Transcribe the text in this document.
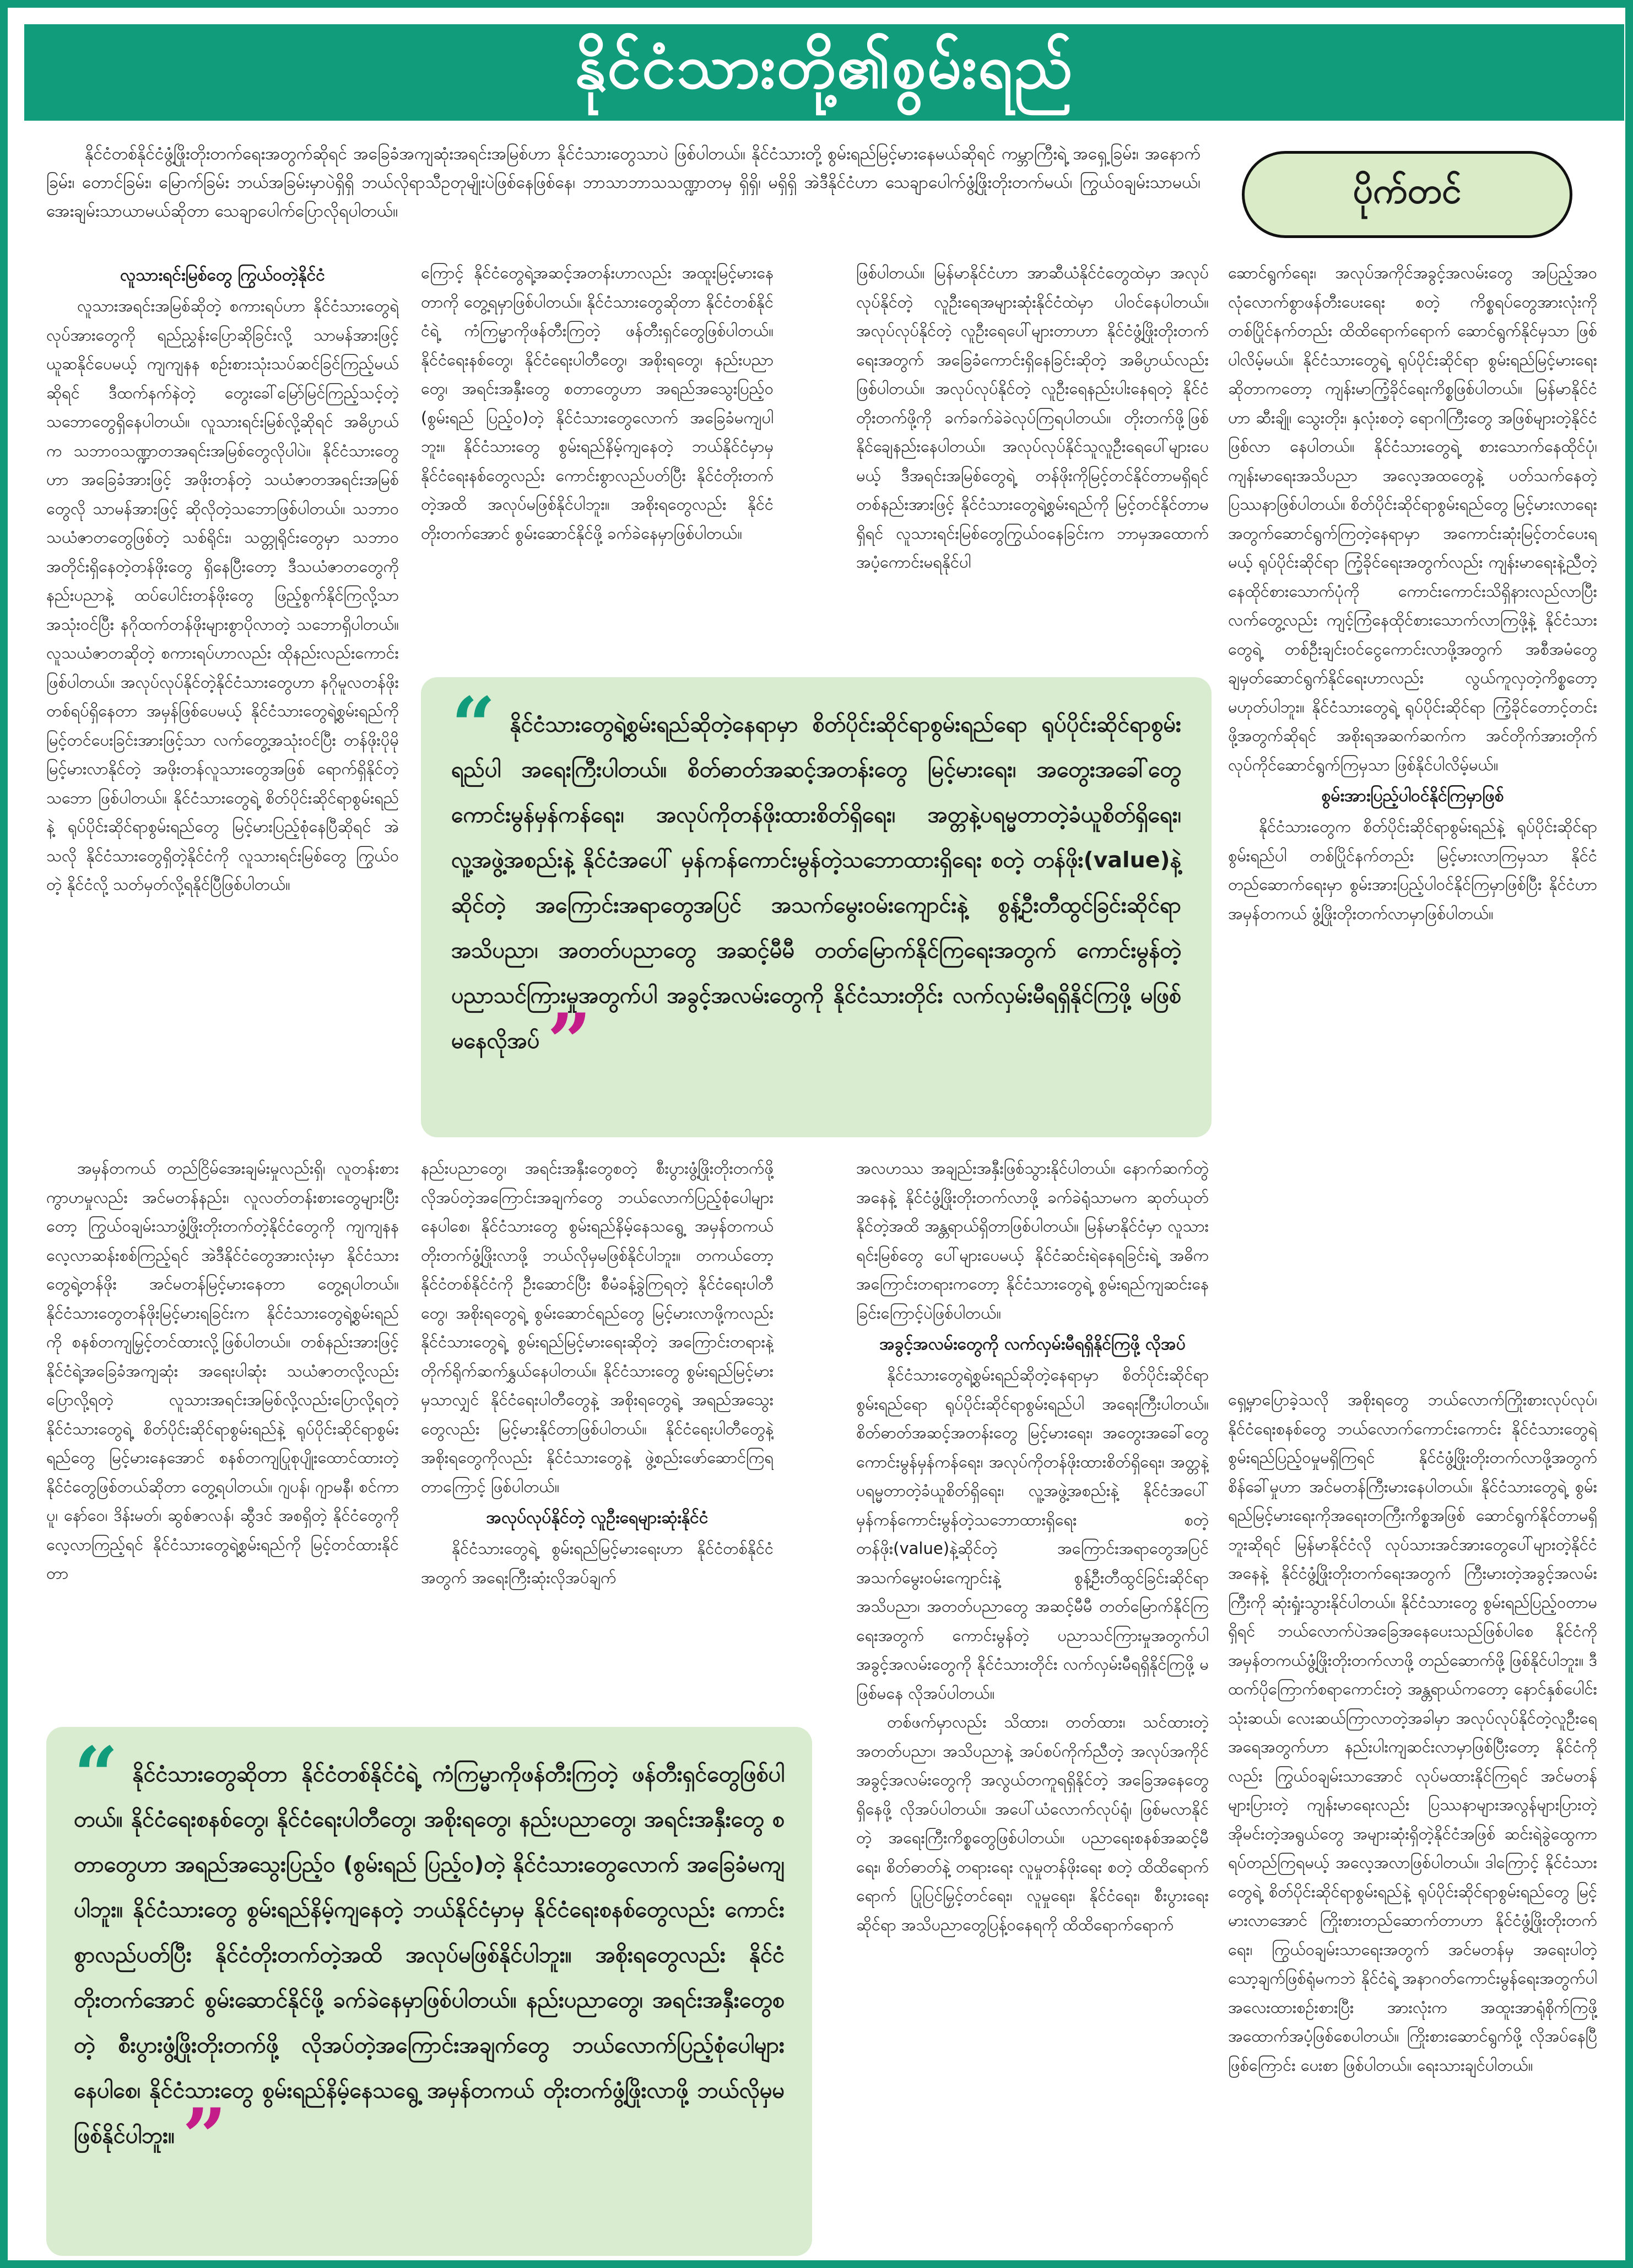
နိုင်ငံသားတို့၏စွမ်းရည်

နိုင်ငံတစ်နိုင်ငံဖွံ့ဖြိုးတိုးတက်ရေးအတွက်ဆိုရင် အခြေခံအကျဆုံးအရင်းအမြစ်ဟာ နိုင်ငံသားတွေသာပဲ ဖြစ်ပါတယ်။ နိုင်ငံသားတို့ စွမ်းရည်မြင့်မားနေမယ်ဆိုရင် ကမ္ဘာကြီးရဲ့ အရှေ့ခြမ်း၊ အနောက်ခြမ်း၊ တောင်ခြမ်း၊ မြောက်ခြမ်း ဘယ်အခြမ်းမှာပဲရှိရှိ ဘယ်လိုရာသီဥတုမျိုးပဲဖြစ်နေဖြစ်နေ၊ ဘာသာဘာသသဏ္ဍာတမှ ရှိရှိ၊ မရှိရှိ အဲဒီနိုင်ငံဟာ သေချာပေါက်ဖွံ့ဖြိုးတိုးတက်မယ်၊ ကြွယ်ဝချမ်းသာမယ်၊ အေးချမ်းသာယာမယ်ဆိုတာ သေချာပေါက်ပြောလိုရပါတယ်။	ပိုက်တင်
လူသားရင်းမြစ်တွေ ကြွယ်ဝတဲ့နိုင်ငံ

လူသားအရင်းအမြစ်ဆိုတဲ့ စကားရပ်ဟာ နိုင်ငံသားတွေရဲ့လုပ်အားတွေကို ရည်ညွှန်းပြောဆိုခြင်းလို့ သာမန်အားဖြင့် ယူဆနိုင်ပေမယ့် ကျကျနန စဉ်းစားသုံးသပ်ဆင်ခြင်ကြည့်မယ်ဆိုရင် ဒီထက်နက်နဲတဲ့ တွေးခေါ်မြော်မြင်ကြည့်သင့်တဲ့ သဘောတွေရှိနေပါတယ်။ လူသားရင်းမြစ်လို့ဆိုရင် အဓိပ္ပာယ်က သဘာဝသဏ္ဍာတအရင်းအမြစ်တွေလိုပါပဲ။ နိုင်ငံသားတွေဟာ အခြေခံအားဖြင့် အဖိုးတန်တဲ့ သယံဇာတအရင်းအမြစ်တွေလို သာမန်အားဖြင့် ဆိုလိုတဲ့သဘောဖြစ်ပါတယ်။ သဘာဝသယံဇာတတွေဖြစ်တဲ့ သစ်ရိုင်း၊ သတ္တုရိုင်းတွေမှာ သဘာဝအတိုင်းရှိနေတဲ့တန်ဖိုးတွေ ရှိနေပြီးတော့ ဒီသယံဇာတတွေကို နည်းပညာနဲ့ ထပ်ပေါင်းတန်ဖိုးတွေ ဖြည့်စွက်နိုင်ကြလို့သာ အသုံးဝင်ပြီး နဂိုထက်တန်ဖိုးများစွာပိုလာတဲ့ သဘောရှိပါတယ်။ လူသယံဇာတဆိုတဲ့ စကားရပ်ဟာလည်း ထိုနည်းလည်းကောင်းဖြစ်ပါတယ်။ အလုပ်လုပ်နိုင်တဲ့နိုင်ငံသားတွေဟာ နဂိုမူလတန်ဖိုးတစ်ရပ်ရှိနေတာ အမှန်ဖြစ်ပေမယ့် နိုင်ငံသားတွေရဲ့စွမ်းရည်ကို မြင့်တင်ပေးခြင်းအားဖြင့်သာ လက်တွေ့အသုံးဝင်ပြီး တန်ဖိုးပိုမိုမြင့်မားလာနိုင်တဲ့ အဖိုးတန်လူသားတွေအဖြစ် ရောက်ရှိနိုင်တဲ့သဘော ဖြစ်ပါတယ်။ နိုင်ငံသားတွေရဲ့ စိတ်ပိုင်းဆိုင်ရာစွမ်းရည်နဲ့ ရုပ်ပိုင်းဆိုင်ရာစွမ်းရည်တွေ မြင့်မားပြည့်စုံနေပြီဆိုရင် အဲသလို နိုင်ငံသားတွေရှိတဲ့နိုင်ငံကို လူသားရင်းမြစ်တွေ ကြွယ်ဝတဲ့ နိုင်ငံလို့ သတ်မှတ်လို့ရနိုင်ပြီဖြစ်ပါတယ်။

ကြောင့် နိုင်ငံတွေရဲ့အဆင့်အတန်းဟာလည်း အထူးမြင့်မားနေတာကို တွေ့ရမှာဖြစ်ပါတယ်။ နိုင်ငံသားတွေဆိုတာ နိုင်ငံတစ်နိုင်ငံရဲ့ ကံကြမ္မာကိုဖန်တီးကြတဲ့ ဖန်တီးရှင်တွေဖြစ်ပါတယ်။ နိုင်ငံရေးနစ်တွေ၊ နိုင်ငံရေးပါတီတွေ၊ အစိုးရတွေ၊ နည်းပညာတွေ၊ အရင်းအနှီးတွေ စတာတွေဟာ အရည်အသွေးပြည့်ဝ (စွမ်းရည် ပြည့်ဝ)တဲ့ နိုင်ငံသားတွေလောက် အခြေခံမကျပါဘူး။ နိုင်ငံသားတွေ စွမ်းရည်နိမ့်ကျနေတဲ့ ဘယ်နိုင်ငံမှာမှ နိုင်ငံရေးနစ်တွေလည်း ကောင်းစွာလည်ပတ်ပြီး နိုင်ငံတိုးတက်တဲ့အထိ အလုပ်မဖြစ်နိုင်ပါဘူး။ အစိုးရတွေလည်း နိုင်ငံတိုးတက်အောင် စွမ်းဆောင်နိုင်ဖို့ ခက်ခဲနေမှာဖြစ်ပါတယ်။

ဖြစ်ပါတယ်။ မြန်မာနိုင်ငံဟာ အာဆီယံနိုင်ငံတွေထဲမှာ အလုပ်လုပ်နိုင်တဲ့ လူဦးရေအများဆုံးနိုင်ငံထဲမှာ ပါဝင်နေပါတယ်။ အလုပ်လုပ်နိုင်တဲ့ လူဦးရေပေါ်များတာဟာ နိုင်ငံဖွံ့ဖြိုးတိုးတက်ရေးအတွက် အခြေခံကောင်းရှိနေခြင်းဆိုတဲ့ အဓိပ္ပာယ်လည်းဖြစ်ပါတယ်။ အလုပ်လုပ်နိုင်တဲ့ လူဦးရေနည်းပါးနေရတဲ့ နိုင်ငံတိုးတက်ဖို့ကို ခက်ခက်ခဲခဲလုပ်ကြရပါတယ်။ တိုးတက်ဖို့ဖြစ်နိုင်ချေနည်းနေပါတယ်။ အလုပ်လုပ်နိုင်သူလူဦးရေပေါ်များပေမယ့် ဒီအရင်းအမြစ်တွေရဲ့ တန်ဖိုးကိုမြင့်တင်နိုင်တာမရှိရင် တစ်နည်းအားဖြင့် နိုင်ငံသားတွေရဲ့စွမ်းရည်ကို မြင့်တင်နိုင်တာမရှိရင် လူသားရင်းမြစ်တွေကြွယ်ဝနေခြင်းက ဘာမှအထောက်အပံ့ကောင်းမရနိုင်ပါ

ဆောင်ရွက်ရေး၊ အလုပ်အကိုင်အခွင့်အလမ်းတွေ အပြည့်အဝ လုံလောက်စွာဖန်တီးပေးရေး စတဲ့ ကိစ္စရပ်တွေအားလုံးကို တစ်ပြိုင်နက်တည်း ထိထိရောက်ရောက် ဆောင်ရွက်နိုင်မှသာ ဖြစ်ပါလိမ့်မယ်။ နိုင်ငံသားတွေရဲ့ ရုပ်ပိုင်းဆိုင်ရာ စွမ်းရည်မြင့်မားရေးဆိုတာကတော့ ကျန်းမာကြံ့ခိုင်ရေးကိစ္စဖြစ်ပါတယ်။ မြန်မာနိုင်ငံဟာ ဆီးချို၊ သွေးတိုး၊ နှလုံးစတဲ့ ရောဂါကြီးတွေ အဖြစ်များတဲ့နိုင်ငံ ဖြစ်လာ နေပါတယ်။ နိုင်ငံသားတွေရဲ့ စားသောက်နေထိုင်ပုံ၊ ကျန်းမာရေးအသိပညာ အလေ့အထတွေနဲ့ ပတ်သက်နေတဲ့ ပြဿနာဖြစ်ပါတယ်။ စိတ်ပိုင်းဆိုင်ရာစွမ်းရည်တွေ မြင့်မားလာရေးအတွက်ဆောင်ရွက်ကြတဲ့နေရာမှာ အကောင်းဆုံးမြင့်တင်ပေးရမယ့် ရုပ်ပိုင်းဆိုင်ရာ ကြံ့ခိုင်ရေးအတွက်လည်း ကျန်းမာရေးနဲ့ညီတဲ့ နေထိုင်စားသောက်ပုံကို ကောင်းကောင်းသိရှိနားလည်လာပြီး လက်တွေ့လည်း ကျင့်ကြံနေထိုင်စားသောက်လာကြဖို့နဲ့ နိုင်ငံသားတွေရဲ့ တစ်ဦးချင်းဝင်ငွေကောင်းလာဖို့အတွက် အစီအမံတွေ ချမှတ်ဆောင်ရွက်နိုင်ရေးဟာလည်း လွယ်ကူလှတဲ့ကိစ္စတော့မဟုတ်ပါဘူး။ နိုင်ငံသားတွေရဲ့ ရုပ်ပိုင်းဆိုင်ရာ ကြံ့ခိုင်တောင့်တင်းဖို့အတွက်ဆိုရင် အစိုးရအဆက်ဆက်က အင်တိုက်အားတိုက် လုပ်ကိုင်ဆောင်ရွက်ကြမှသာ ဖြစ်နိုင်ပါလိမ့်မယ်။

စွမ်းအားပြည့်ပါဝင်နိုင်ကြမှာဖြစ်

နိုင်ငံသားတွေက စိတ်ပိုင်းဆိုင်ရာစွမ်းရည်နဲ့ ရုပ်ပိုင်းဆိုင်ရာစွမ်းရည်ပါ တစ်ပြိုင်နက်တည်း မြင့်မားလာကြမှသာ နိုင်ငံတည်ဆောက်ရေးမှာ စွမ်းအားပြည့်ပါဝင်နိုင်ကြမှာဖြစ်ပြီး နိုင်ငံဟာ အမှန်တကယ် ဖွံ့ဖြိုးတိုးတက်လာမှာဖြစ်ပါတယ်။

“ နိုင်ငံသားတွေရဲ့စွမ်းရည်ဆိုတဲ့နေရာမှာ စိတ်ပိုင်းဆိုင်ရာစွမ်းရည်ရော ရုပ်ပိုင်းဆိုင်ရာစွမ်းရည်ပါ အရေးကြီးပါတယ်။ စိတ်ဓာတ်အဆင့်အတန်းတွေ မြင့်မားရေး၊ အတွေးအခေါ်တွေ ကောင်းမွန်မှန်ကန်ရေး၊ အလုပ်ကိုတန်ဖိုးထားစိတ်ရှိရေး၊ အတ္တနဲ့ပရမ္မတာတဲ့ခံယူစိတ်ရှိရေး၊ လူ့အဖွဲ့အစည်းနဲ့ နိုင်ငံအပေါ် မှန်ကန်ကောင်းမွန်တဲ့သဘောထားရှိရေး စတဲ့ တန်ဖိုး(value)နဲ့ဆိုင်တဲ့ အကြောင်းအရာတွေအပြင် အသက်မွေးဝမ်းကျောင်းနဲ့ စွန့်ဦးတီထွင်ခြင်းဆိုင်ရာ အသိပညာ၊ အတတ်ပညာတွေ အဆင့်မီမီ တတ်မြောက်နိုင်ကြရေးအတွက် ကောင်းမွန်တဲ့ ပညာသင်ကြားမှုအတွက်ပါ အခွင့်အလမ်းတွေကို နိုင်ငံသားတိုင်း လက်လှမ်းမီရရှိနိုင်ကြဖို့ မဖြစ်မနေလိုအပ် ”

အမှန်တကယ် တည်ငြိမ်အေးချမ်းမှုလည်းရှိ၊ လူတန်းစားကွာဟမှုလည်း အင်မတန်နည်း၊ လူလတ်တန်းစားတွေများပြီးတော့ ကြွယ်ဝချမ်းသာဖွံ့ဖြိုးတိုးတက်တဲ့နိုင်ငံတွေကို ကျကျနနလေ့လာဆန်းစစ်ကြည့်ရင် အဲဒီနိုင်ငံတွေအားလုံးမှာ နိုင်ငံသားတွေရဲ့တန်ဖိုး အင်မတန်မြင့်မားနေတာ တွေ့ရပါတယ်။ နိုင်ငံသားတွေတန်ဖိုးမြင့်မားရခြင်းက နိုင်ငံသားတွေရဲ့စွမ်းရည်ကို စနစ်တကျမြှင့်တင်ထားလို့ဖြစ်ပါတယ်။ တစ်နည်းအားဖြင့် နိုင်ငံရဲ့အခြေခံအကျဆုံး အရေးပါဆုံး သယံဇာတလို့လည်း ပြောလို့ရတဲ့ လူသားအရင်းအမြစ်လို့လည်းပြောလို့ရတဲ့ နိုင်ငံသားတွေရဲ့ စိတ်ပိုင်းဆိုင်ရာစွမ်းရည်နဲ့ ရုပ်ပိုင်းဆိုင်ရာစွမ်းရည်တွေ မြင့်မားနေအောင် စနစ်တကျပြုစုပျိုးထောင်ထားတဲ့ နိုင်ငံတွေဖြစ်တယ်ဆိုတာ တွေ့ရပါတယ်။ ဂျပန်၊ ဂျာမနီ၊ စင်ကာပူ၊ နော်ဝေ၊ ဒိန်းမတ်၊ ဆွစ်ဇာလန်၊ ဆွီဒင် အစရှိတဲ့ နိုင်ငံတွေကို လေ့လာကြည့်ရင် နိုင်ငံသားတွေရဲ့စွမ်းရည်ကို မြင့်တင်ထားနိုင်တာ

နည်းပညာတွေ၊ အရင်းအနှီးတွေစတဲ့ စီးပွားဖွံ့ဖြိုးတိုးတက်ဖို့ လိုအပ်တဲ့အကြောင်းအချက်တွေ ဘယ်လောက်ပြည့်စုံပေါများနေပါစေ၊ နိုင်ငံသားတွေ စွမ်းရည်နိမ့်နေသရွေ့ အမှန်တကယ်တိုးတက်ဖွံ့ဖြိုးလာဖို့ ဘယ်လိုမှမဖြစ်နိုင်ပါဘူး။ တကယ်တော့ နိုင်ငံတစ်နိုင်ငံကို ဦးဆောင်ပြီး စီမံခန့်ခွဲကြရတဲ့ နိုင်ငံရေးပါတီတွေ၊ အစိုးရတွေရဲ့ စွမ်းဆောင်ရည်တွေ မြင့်မားလာဖို့ကလည်း နိုင်ငံသားတွေရဲ့ စွမ်းရည်မြင့်မားရေးဆိုတဲ့ အကြောင်းတရားနဲ့ တိုက်ရိုက်ဆက်နွှယ်နေပါတယ်။ နိုင်ငံသားတွေ စွမ်းရည်မြင့်မားမှသာလျှင် နိုင်ငံရေးပါတီတွေနဲ့ အစိုးရတွေရဲ့ အရည်အသွေးတွေလည်း မြင့်မားနိုင်တာဖြစ်ပါတယ်။ နိုင်ငံရေးပါတီတွေနဲ့ အစိုးရတွေကိုလည်း နိုင်ငံသားတွေနဲ့ ဖွဲ့စည်းဖော်ဆောင်ကြရတာကြောင့် ဖြစ်ပါတယ်။

အလုပ်လုပ်နိုင်တဲ့ လူဦးရေများဆုံးနိုင်ငံ

နိုင်ငံသားတွေရဲ့ စွမ်းရည်မြင့်မားရေးဟာ နိုင်ငံတစ်နိုင်ငံအတွက် အရေးကြီးဆုံးလိုအပ်ချက်

အလဟဿ အချည်းအနှီးဖြစ်သွားနိုင်ပါတယ်။ နောက်ဆက်တွဲအနေနဲ့ နိုင်ငံဖွံ့ဖြိုးတိုးတက်လာဖို့ ခက်ခဲရုံသာမက ဆုတ်ယုတ်နိုင်တဲ့အထိ အန္တရာယ်ရှိတာဖြစ်ပါတယ်။ မြန်မာနိုင်ငံမှာ လူသားရင်းမြစ်တွေ ပေါ်များပေမယ့် နိုင်ငံဆင်းရဲနေရခြင်းရဲ့ အဓိကအကြောင်းတရားကတော့ နိုင်ငံသားတွေရဲ့ စွမ်းရည်ကျဆင်းနေခြင်းကြောင့်ပဲဖြစ်ပါတယ်။

အခွင့်အလမ်းတွေကို လက်လှမ်းမီရရှိနိုင်ကြဖို့ လိုအပ်

နိုင်ငံသားတွေရဲ့စွမ်းရည်ဆိုတဲ့နေရာမှာ စိတ်ပိုင်းဆိုင်ရာစွမ်းရည်ရော ရုပ်ပိုင်းဆိုင်ရာစွမ်းရည်ပါ အရေးကြီးပါတယ်။ စိတ်ဓာတ်အဆင့်အတန်းတွေ မြင့်မားရေး၊ အတွေးအခေါ်တွေ ကောင်းမွန်မှန်ကန်ရေး၊ အလုပ်ကိုတန်ဖိုးထားစိတ်ရှိရေး၊ အတ္တနဲ့ပရမ္မတာတဲ့ခံယူစိတ်ရှိရေး၊ လူ့အဖွဲ့အစည်းနဲ့ နိုင်ငံအပေါ် မှန်ကန်ကောင်းမွန်တဲ့သဘောထားရှိရေး စတဲ့ တန်ဖိုး(value)နဲ့ဆိုင်တဲ့ အကြောင်းအရာတွေအပြင် အသက်မွေးဝမ်းကျောင်းနဲ့ စွန့်ဦးတီထွင်ခြင်းဆိုင်ရာ အသိပညာ၊ အတတ်ပညာတွေ အဆင့်မီမီ တတ်မြောက်နိုင်ကြရေးအတွက် ကောင်းမွန်တဲ့ ပညာသင်ကြားမှုအတွက်ပါ အခွင့်အလမ်းတွေကို နိုင်ငံသားတိုင်း လက်လှမ်းမီရရှိနိုင်ကြဖို့ မဖြစ်မနေ လိုအပ်ပါတယ်။

တစ်ဖက်မှာလည်း သိထား၊ တတ်ထား၊ သင်ထားတဲ့ အတတ်ပညာ၊ အသိပညာနဲ့ အပ်စပ်ကိုက်ညီတဲ့ အလုပ်အကိုင်အခွင့်အလမ်းတွေကို အလွယ်တကူရရှိနိုင်တဲ့ အခြေအနေတွေရှိနေဖို့ လိုအပ်ပါတယ်။ အပေါ်ယံလောက်လုပ်ရုံ၊ ဖြစ်မလာနိုင်တဲ့ အရေးကြီးကိစ္စတွေဖြစ်ပါတယ်။ ပညာရေးစနစ်အဆင့်မီရေး၊ စိတ်ဓာတ်နဲ့ တရားရေး လူမှုတန်ဖိုးရေး စတဲ့ ထိထိရောက်ရောက် ပြုပြင်မြှင့်တင်ရေး၊ လူမှုရေး၊ နိုင်ငံရေး၊ စီးပွားရေးဆိုင်ရာ အသိပညာတွေပြန့်ဝနေရကို ထိထိရောက်ရောက်

ရှေ့မှာပြောခဲ့သလို အစိုးရတွေ ဘယ်လောက်ကြိုးစားလုပ်လုပ်၊ နိုင်ငံရေးစနစ်တွေ ဘယ်လောက်ကောင်းကောင်း နိုင်ငံသားတွေရဲ့ စွမ်းရည်ပြည့်ဝမှုမရှိကြရင် နိုင်ငံဖွံ့ဖြိုးတိုးတက်လာဖို့အတွက် စိန်ခေါ်မှုဟာ အင်မတန်ကြီးမားနေပါတယ်။ နိုင်ငံသားတွေရဲ့ စွမ်းရည်မြင့်မားရေးကိုအရေးတကြီးကိစ္စအဖြစ် ဆောင်ရွက်နိုင်တာမရှိဘူးဆိုရင် မြန်မာနိုင်ငံလို လုပ်သားအင်အားတွေပေါ်များတဲ့နိုင်ငံအနေနဲ့ နိုင်ငံဖွံ့ဖြိုးတိုးတက်ရေးအတွက် ကြီးမားတဲ့အခွင့်အလမ်းကြီးကို ဆုံးရှုံးသွားနိုင်ပါတယ်။ နိုင်ငံသားတွေ စွမ်းရည်ပြည့်ဝတာမရှိရင် ဘယ်လောက်ပဲအခြေအနေပေးသည်ဖြစ်ပါစေ နိုင်ငံကို အမှန်တကယ်ဖွံ့ဖြိုးတိုးတက်လာဖို့ တည်ဆောက်ဖို့ ဖြစ်နိုင်ပါဘူး။ ဒီထက်ပိုကြောက်စရာကောင်းတဲ့ အန္တရာယ်ကတော့ နောင်နှစ်ပေါင်း သုံးဆယ်၊ လေးဆယ်ကြာလာတဲ့အခါမှာ အလုပ်လုပ်နိုင်တဲ့လူဦးရေအရေအတွက်ဟာ နည်းပါးကျဆင်းလာမှာဖြစ်ပြီးတော့ နိုင်ငံကိုလည်း ကြွယ်ဝချမ်းသာအောင် လုပ်မထားနိုင်ကြရင် အင်မတန်များပြားတဲ့ ကျန်းမာရေးလည်း ပြဿနာများအလွန်များပြားတဲ့ အိုမင်းတဲ့အရွယ်တွေ အများဆုံးရှိတဲ့နိုင်ငံအဖြစ် ဆင်းရဲခွဲထွေကာ ရပ်တည်ကြရမယ့် အလေ့အလာဖြစ်ပါတယ်။ ဒါကြောင့် နိုင်ငံသားတွေရဲ့ စိတ်ပိုင်းဆိုင်ရာစွမ်းရည်နဲ့ ရုပ်ပိုင်းဆိုင်ရာစွမ်းရည်တွေ မြင့်မားလာအောင် ကြိုးစားတည်ဆောက်တာဟာ နိုင်ငံဖွံ့ဖြိုးတိုးတက်ရေး၊ ကြွယ်ဝချမ်းသာရေးအတွက် အင်မတန်မှ အရေးပါတဲ့သော့ချက်ဖြစ်ရုံမကဘဲ နိုင်ငံရဲ့ အနာဂတ်ကောင်းမွန်ရေးအတွက်ပါ အလေးထားစဉ်းစားပြီး အားလုံးက အထူးအာရုံစိုက်ကြဖို့ အထောက်အပံ့ဖြစ်စေပါတယ်။ ကြိုးစားဆောင်ရွက်ဖို့ လိုအပ်နေပြီဖြစ်ကြောင်း ပေးစာ ဖြစ်ပါတယ်။ ရေးသားချင်ပါတယ်။

“ နိုင်ငံသားတွေဆိုတာ နိုင်ငံတစ်နိုင်ငံရဲ့ ကံကြမ္မာကိုဖန်တီးကြတဲ့ ဖန်တီးရှင်တွေဖြစ်ပါတယ်။ နိုင်ငံရေးစနစ်တွေ၊ နိုင်ငံရေးပါတီတွေ၊ အစိုးရတွေ၊ နည်းပညာတွေ၊ အရင်းအနှီးတွေ စတာတွေဟာ အရည်အသွေးပြည့်ဝ (စွမ်းရည် ပြည့်ဝ)တဲ့ နိုင်ငံသားတွေလောက် အခြေခံမကျပါဘူး။ နိုင်ငံသားတွေ စွမ်းရည်နိမ့်ကျနေတဲ့ ဘယ်နိုင်ငံမှာမှ နိုင်ငံရေးစနစ်တွေလည်း ကောင်းစွာလည်ပတ်ပြီး နိုင်ငံတိုးတက်တဲ့အထိ အလုပ်မဖြစ်နိုင်ပါဘူး။ အစိုးရတွေလည်း နိုင်ငံတိုးတက်အောင် စွမ်းဆောင်နိုင်ဖို့ ခက်ခဲနေမှာဖြစ်ပါတယ်။ နည်းပညာတွေ၊ အရင်းအနှီးတွေစတဲ့ စီးပွားဖွံ့ဖြိုးတိုးတက်ဖို့ လိုအပ်တဲ့အကြောင်းအချက်တွေ ဘယ်လောက်ပြည့်စုံပေါများနေပါစေ၊ နိုင်ငံသားတွေ စွမ်းရည်နိမ့်နေသရွေ့ အမှန်တကယ် တိုးတက်ဖွံ့ဖြိုးလာဖို့ ဘယ်လိုမှမဖြစ်နိုင်ပါဘူး။ ”
